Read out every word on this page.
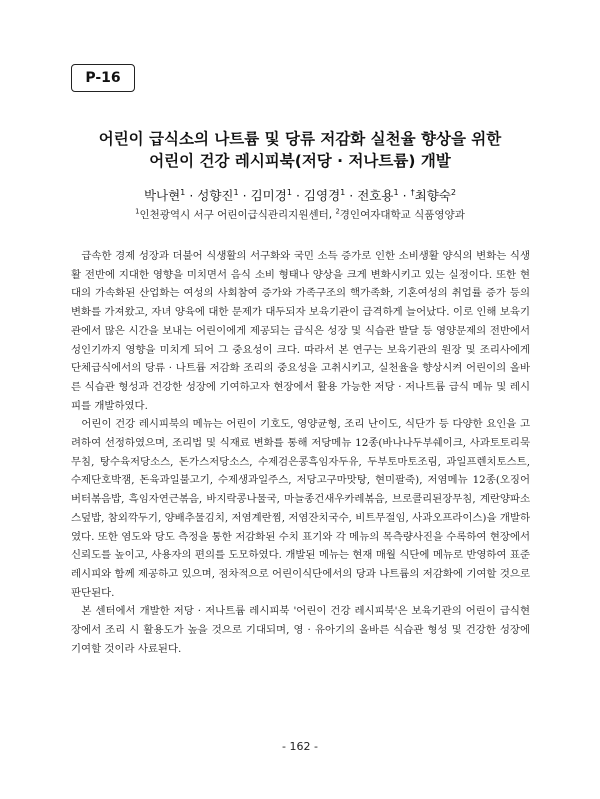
P-16
어린이 급식소의 나트륨 및 당류 저감화 실천율 향상을 위한
어린이 건강 레시피북(저당 · 저나트륨) 개발
박나현$^1$ · 성향진$^1$ · 김미경$^1$ · 김영경$^1$ · 전호용$^1$ · †최향숙$^2$
$^1$인천광역시 서구 어린이급식관리지원센터, $^2$경인여자대학교 식품영양과

급속한 경제 성장과 더불어 식생활의 서구화와 국민 소득 증가로 인한 소비생활 양식의 변화는 식생활 전반에 지대한 영향을 미치면서 음식 소비 형태나 양상을 크게 변화시키고 있는 실정이다. 또한 현대의 가속화된 산업화는 여성의 사회참여 증가와 가족구조의 핵가족화, 기혼여성의 취업률 증가 등의 변화를 가져왔고, 자녀 양육에 대한 문제가 대두되자 보육기관이 급격하게 늘어났다. 이로 인해 보육기관에서 많은 시간을 보내는 어린이에게 제공되는 급식은 성장 및 식습관 발달 등 영양문제의 전반에서 성인기까지 영향을 미치게 되어 그 중요성이 크다. 따라서 본 연구는 보육기관의 원장 및 조리사에게 단체급식에서의 당류 · 나트륨 저감화 조리의 중요성을 고취시키고, 실천율을 향상시켜 어린이의 올바른 식습관 형성과 건강한 성장에 기여하고자 현장에서 활용 가능한 저당 · 저나트륨 급식 메뉴 및 레시피를 개발하였다.

어린이 건강 레시피북의 메뉴는 어린이 기호도, 영양균형, 조리 난이도, 식단가 등 다양한 요인을 고려하여 선정하였으며, 조리법 및 식재료 변화를 통해 저당메뉴 12종(바나나두부쉐이크, 사과토토리묵무침, 탕수육저당소스, 돈가스저당소스, 수제검은콩흑임자두유, 두부토마토조림, 과일프렌치토스트, 수제단호박잼, 돈육과일불고기, 수제생과일주스, 저당고구마맛탕, 현미팔죽), 저염메뉴 12종(오징어버터볶음밥, 흑임자연근볶음, 바지락콩나물국, 마늘종건새우카레볶음, 브로콜리된장무침, 계란양파소스덮밥, 참외깍두기, 양배추물김치, 저염계란찜, 저염잔치국수, 비트무절임, 사과오프라이스)을 개발하였다. 또한 염도와 당도 측정을 통한 저감화된 수치 표기와 각 메뉴의 목측량사진을 수록하여 현장에서 신뢰도를 높이고, 사용자의 편의를 도모하였다. 개발된 메뉴는 현재 매월 식단에 메뉴로 반영하여 표준레시피와 함께 제공하고 있으며, 점차적으로 어린이식단에서의 당과 나트륨의 저감화에 기여할 것으로 판단된다.

본 센터에서 개발한 저당 · 저나트륨 레시피북 '어린이 건강 레시피북'은 보육기관의 어린이 급식현장에서 조리 시 활용도가 높을 것으로 기대되며, 영 · 유아기의 올바른 식습관 형성 및 건강한 성장에 기여할 것이라 사료된다.

- 162 -
